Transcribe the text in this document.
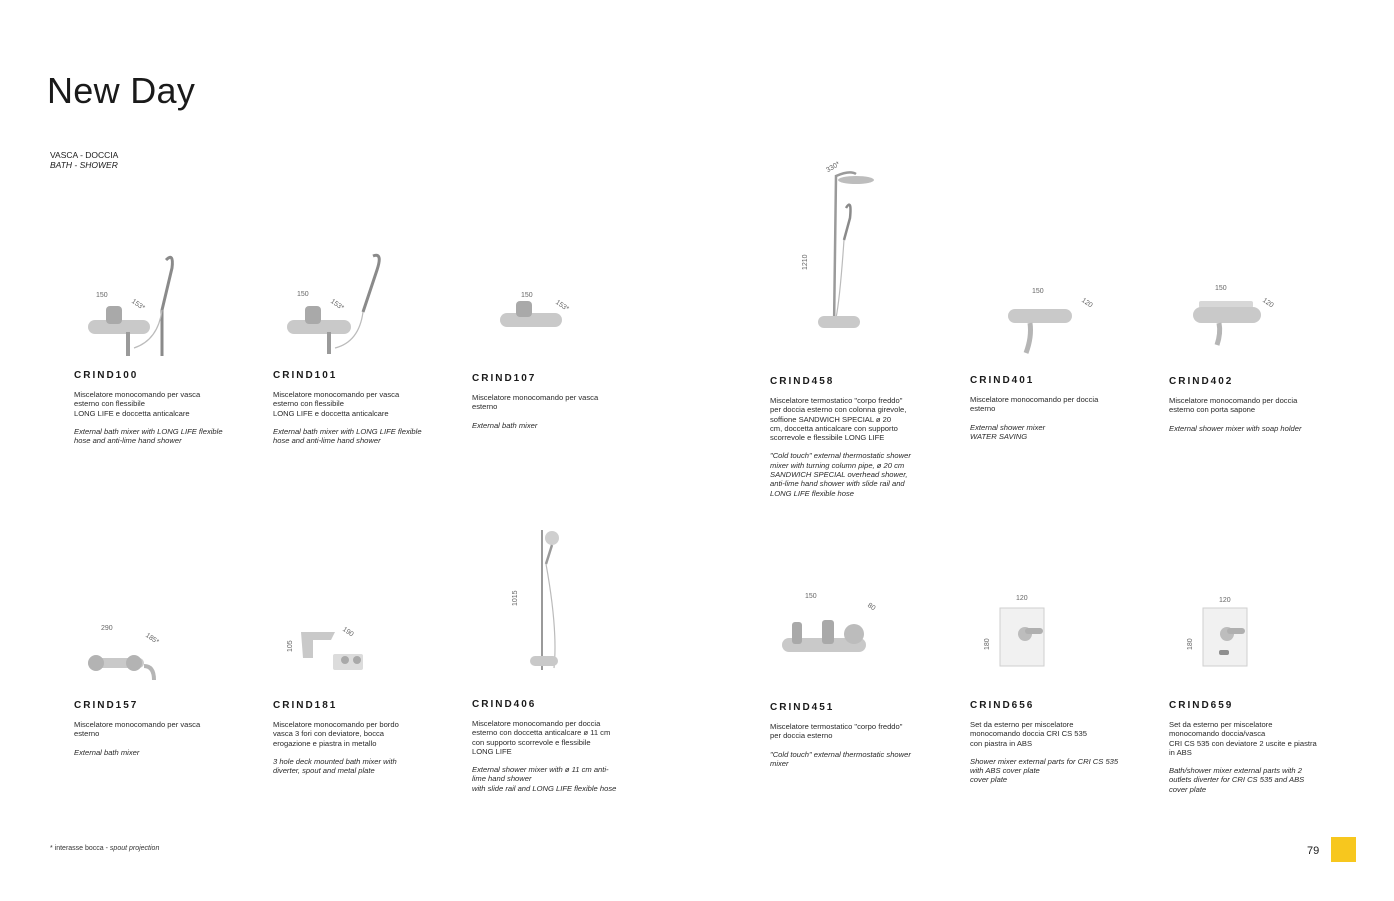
New Day
VASCA - DOCCIA
BATH - SHOWER
150
153*
CRIND100
Miscelatore monocomando per vasca
esterno con flessibile
LONG LIFE e doccetta anticalcare
External bath mixer with LONG LIFE flexible
hose and anti-lime hand shower
150
153*
CRIND101
Miscelatore monocomando per vasca
esterno con flessibile
LONG LIFE e doccetta anticalcare
External bath mixer with LONG LIFE flexible
hose and anti-lime hand shower
150
153*
CRIND107
Miscelatore monocomando per vasca
esterno
External bath mixer
330*
1210
CRIND458
Miscelatore termostatico "corpo freddo"
per doccia esterno con colonna girevole,
soffione SANDWICH SPECIAL ø 20
cm, doccetta anticalcare con supporto
scorrevole e flessibile LONG LIFE
"Cold touch" external thermostatic shower
mixer with turning column pipe, ø 20 cm
SANDWICH SPECIAL overhead shower,
anti-lime hand shower with slide rail and
LONG LIFE flexible hose
150
120
CRIND401
Miscelatore monocomando per doccia
esterno
External shower mixer
WATER SAVING
150
120
CRIND402
Miscelatore monocomando per doccia
esterno con porta sapone
External shower mixer with soap holder
290
185*
CRIND157
Miscelatore monocomando per vasca
esterno
External bath mixer
105
190
CRIND181
Miscelatore monocomando per bordo
vasca 3 fori con deviatore, bocca
erogazione e piastra in metallo
3 hole deck mounted bath mixer with
diverter, spout and metal plate
1015
CRIND406
Miscelatore monocomando per doccia
esterno con doccetta anticalcare ø 11 cm
con supporto scorrevole e flessibile
LONG LIFE
External shower mixer with ø 11 cm anti-
lime hand shower
with slide rail and LONG LIFE flexible hose
150
80
CRIND451
Miscelatore termostatico "corpo freddo"
per doccia esterno
"Cold touch" external thermostatic shower
mixer
120
180
CRIND656
Set da esterno per miscelatore
monocomando doccia CRI CS 535
con piastra in ABS
Shower mixer external parts for CRI CS 535
with ABS cover plate
cover plate
120
180
CRIND659
Set da esterno per miscelatore
monocomando doccia/vasca
CRI CS 535 con deviatore 2 uscite e piastra
in ABS
Bath/shower mixer external parts with 2
outlets diverter for CRI CS 535 and ABS
cover plate
* interasse bocca - spout projection	79
